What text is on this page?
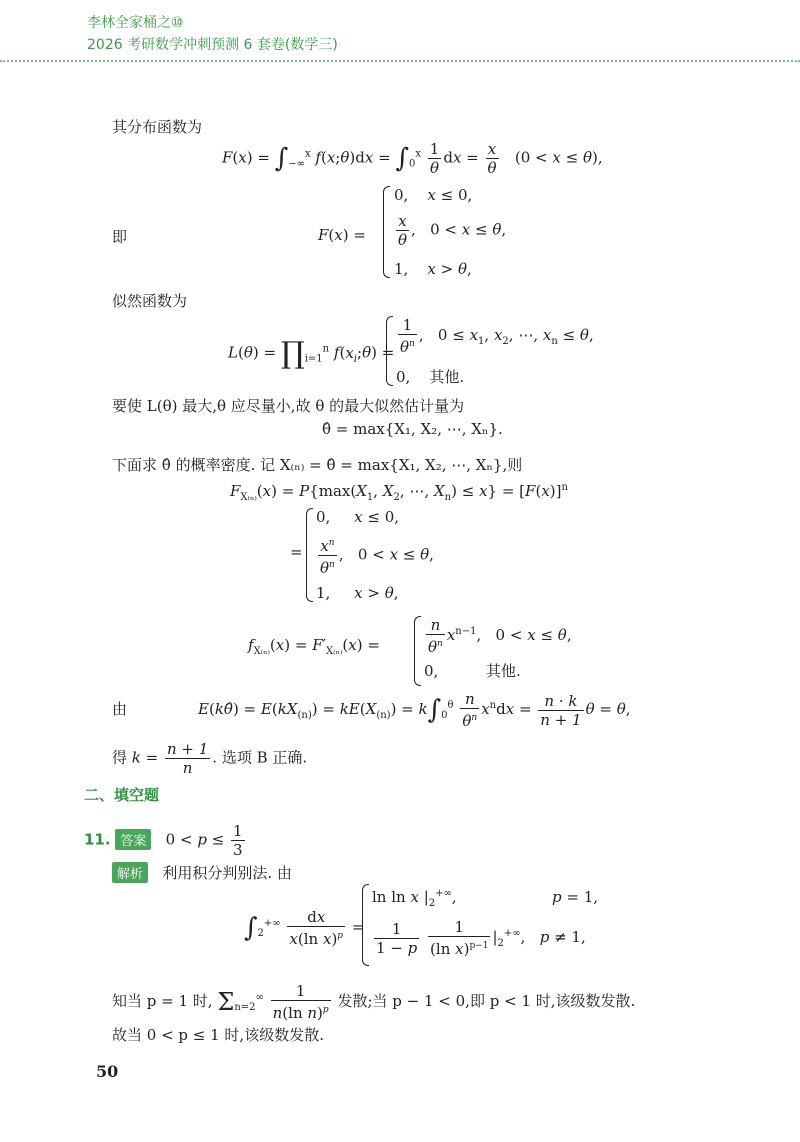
李林全家桶之⑩
2026 考研数学冲刺预测 6 套卷(数学三)
其分布函数为
$F(x) = \int_{-\infty}^x$ f(x;θ)dx = $\int_0^x \frac{1}{\theta}$ dx = $\frac{x}{\theta} (0 < x \le \theta)$,
即	F(x) =
0,    x ≤ 0,
$\frac{x}{\theta}$ ,   0 < x ≤ θ,
1,    x > θ,
似然函数为
$L(\theta) = \prod_{i=1}^n$ $f(x_i;\theta) = \frac{1}{\theta^n}$ ,   $0 \le x_1$, $x_2$, ⋯, $x_n \le \theta$,
0,    其他.
要使 L(θ) 最大,θ 应尽量小,故 θ 的最大似然估计量为
θ̂ = max{X₁, X₂, ⋯, Xₙ}.
下面求 θ̂ 的概率密度. 记 X₍ₙ₎ = θ̂ = max{X₁, X₂, ⋯, Xₙ},则
$F_{X_{(n)}}(x) = P\{\max(X_1$, $X_2$, ⋯, $X_n) \le x\} = [F(x)]^n$
=
0,     x ≤ 0,
$\frac{x^n}{\theta^n}$ ,   0 < x ≤ θ,
1,     x > θ,
$f_{X_{(n)}}(x) = F'_{X_{(n)}}(x)$ =	$\frac{n}{\theta^n} x^{n-1}$,   0 < x ≤ θ,
0,          其他.
由	E(kθ̂) = $E(kX_{(n)}) = kE(X_{(n)}) = k\int_0^\theta \frac{n}{\theta^n} x^ndx = \frac{n \cdot k}{n + 1}$ θ = θ,
得 $k = \frac{n + 1}{n}$ . 选项 B 正确.
二、填空题
11. 答案   $0 < p \le \frac{1}{3}$
解析 利用积分判别法. 由
$\int_2^{+\infty} \frac{dx}{x(\ln x)^p}$ =
ln ln x $|_2^{+\infty}$,                    p = 1,
$\frac{1}{1 - p}$
$\frac{1}{(\ln x)^{p-1}} |_2^{+\infty}$,   p ≠ 1,
知当 p = 1 时, $\Sigma_{n=2}^\infty \frac{1}{n(\ln n)^p}$ 发散;当 p − 1 < 0,即 p < 1 时,该级数发散.
故当 0 < p ≤ 1 时,该级数发散.
50
